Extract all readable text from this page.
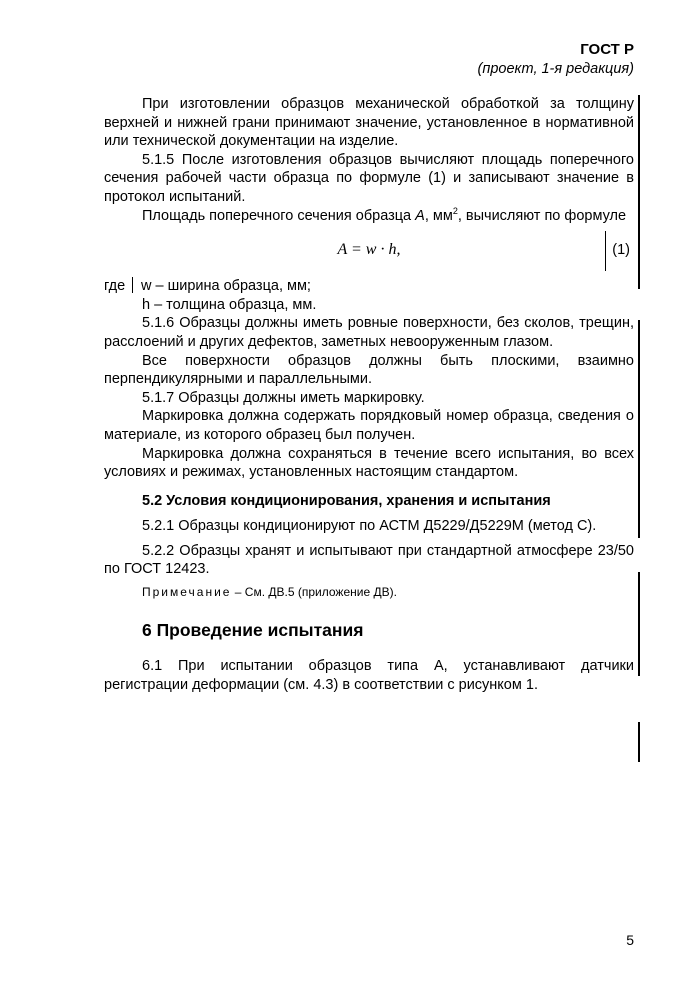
ГОСТ Р
(проект, 1-я редакция)

При изготовлении образцов механической обработкой за толщину верхней и нижней грани принимают значение, установленное в нормативной или технической документации на изделие.

5.1.5 После изготовления образцов вычисляют площадь поперечного сечения рабочей части образца по формуле (1) и записывают значение в протокол испытаний.

Площадь поперечного сечения образца A, $мм^2$, вычисляют по формуле

A = w · h,	(1)

где w – ширина образца, мм;

h – толщина образца, мм.

5.1.6 Образцы должны иметь ровные поверхности, без сколов, трещин, расслоений и других дефектов, заметных невооруженным глазом.

Все поверхности образцов должны быть плоскими, взаимно перпендикулярными и параллельными.

5.1.7 Образцы должны иметь маркировку.

Маркировка должна содержать порядковый номер образца, сведения о материале, из которого образец был получен.

Маркировка должна сохраняться в течение всего испытания, во всех условиях и режимах, установленных настоящим стандартом.

5.2 Условия кондиционирования, хранения и испытания

5.2.1 Образцы кондиционируют по АСТМ Д5229/Д5229М (метод С).

5.2.2 Образцы хранят и испытывают при стандартной атмосфере 23/50 по ГОСТ 12423.

Примечание – См. ДВ.5 (приложение ДВ).

6 Проведение испытания

6.1 При испытании образцов типа А, устанавливают датчики регистрации деформации (см. 4.3) в соответствии с рисунком 1.

5
